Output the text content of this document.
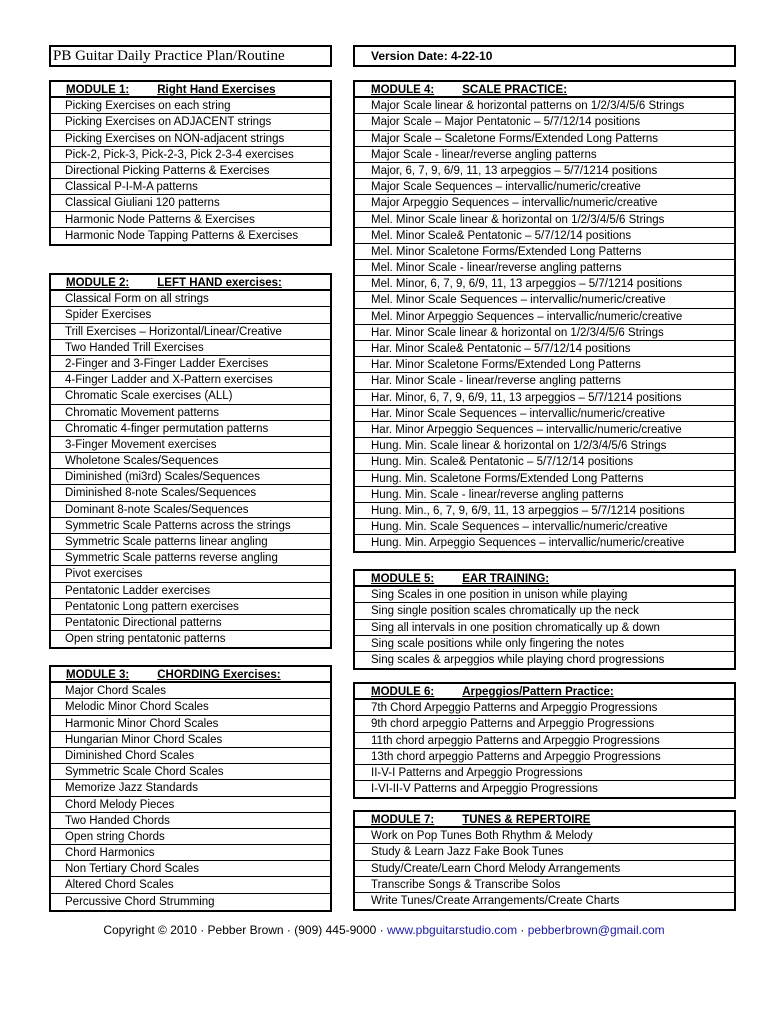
PB Guitar Daily Practice Plan/Routine	Version Date: 4-22-10
MODULE 1: Right Hand Exercises
Picking Exercises on each string
Picking Exercises on ADJACENT strings
Picking Exercises on NON-adjacent strings
Pick-2, Pick-3, Pick-2-3, Pick 2-3-4 exercises
Directional Picking Patterns & Exercises
Classical P-I-M-A patterns
Classical Giuliani 120 patterns
Harmonic Node Patterns & Exercises
Harmonic Node Tapping Patterns & Exercises
MODULE 2: LEFT HAND exercises:
Classical Form on all strings
Spider Exercises
Trill Exercises – Horizontal/Linear/Creative
Two Handed Trill Exercises
2-Finger and 3-Finger Ladder Exercises
4-Finger Ladder and X-Pattern exercises
Chromatic Scale exercises (ALL)
Chromatic Movement patterns
Chromatic 4-finger permutation patterns
3-Finger Movement exercises
Wholetone Scales/Sequences
Diminished (mi3rd) Scales/Sequences
Diminished 8-note Scales/Sequences
Dominant 8-note Scales/Sequences
Symmetric Scale Patterns across the strings
Symmetric Scale patterns linear angling
Symmetric Scale patterns reverse angling
Pivot exercises
Pentatonic Ladder exercises
Pentatonic Long pattern exercises
Pentatonic Directional patterns
Open string pentatonic patterns
MODULE 3: CHORDING Exercises:
Major Chord Scales
Melodic Minor Chord Scales
Harmonic Minor Chord Scales
Hungarian Minor Chord Scales
Diminished Chord Scales
Symmetric Scale Chord Scales
Memorize Jazz Standards
Chord Melody Pieces
Two Handed Chords
Open string Chords
Chord Harmonics
Non Tertiary Chord Scales
Altered Chord Scales
Percussive Chord Strumming
MODULE 4: SCALE PRACTICE:
Major Scale linear & horizontal patterns on 1/2/3/4/5/6 Strings
Major Scale – Major Pentatonic – 5/7/12/14 positions
Major Scale – Scaletone Forms/Extended Long Patterns
Major Scale - linear/reverse angling patterns
Major, 6, 7, 9, 6/9, 11, 13 arpeggios – 5/7/1214 positions
Major Scale Sequences – intervallic/numeric/creative
Major Arpeggio Sequences – intervallic/numeric/creative
Mel. Minor Scale linear & horizontal on 1/2/3/4/5/6 Strings
Mel. Minor Scale& Pentatonic – 5/7/12/14 positions
Mel. Minor Scaletone Forms/Extended Long Patterns
Mel. Minor Scale - linear/reverse angling patterns
Mel. Minor, 6, 7, 9, 6/9, 11, 13 arpeggios – 5/7/1214 positions
Mel. Minor Scale Sequences – intervallic/numeric/creative
Mel. Minor Arpeggio Sequences – intervallic/numeric/creative
Har. Minor Scale linear & horizontal on 1/2/3/4/5/6 Strings
Har. Minor Scale& Pentatonic – 5/7/12/14 positions
Har. Minor Scaletone Forms/Extended Long Patterns
Har. Minor Scale - linear/reverse angling patterns
Har. Minor, 6, 7, 9, 6/9, 11, 13 arpeggios – 5/7/1214 positions
Har. Minor Scale Sequences – intervallic/numeric/creative
Har. Minor Arpeggio Sequences – intervallic/numeric/creative
Hung. Min. Scale linear & horizontal on 1/2/3/4/5/6 Strings
Hung. Min. Scale& Pentatonic – 5/7/12/14 positions
Hung. Min. Scaletone Forms/Extended Long Patterns
Hung. Min. Scale - linear/reverse angling patterns
Hung. Min., 6, 7, 9, 6/9, 11, 13 arpeggios – 5/7/1214 positions
Hung. Min. Scale Sequences – intervallic/numeric/creative
Hung. Min. Arpeggio Sequences – intervallic/numeric/creative
MODULE 5: EAR TRAINING:
Sing Scales in one position in unison while playing
Sing single position scales chromatically up the neck
Sing all intervals in one position chromatically up & down
Sing scale positions while only fingering the notes
Sing scales & arpeggios while playing chord progressions
MODULE 6: Arpeggios/Pattern Practice:
7th Chord Arpeggio Patterns and Arpeggio Progressions
9th chord arpeggio Patterns and Arpeggio Progressions
11th chord arpeggio Patterns and Arpeggio Progressions
13th chord arpeggio Patterns and Arpeggio Progressions
II-V-I Patterns and Arpeggio Progressions
I-VI-II-V Patterns and Arpeggio Progressions
MODULE 7: TUNES & REPERTOIRE
Work on Pop Tunes Both Rhythm & Melody
Study & Learn Jazz Fake Book Tunes
Study/Create/Learn Chord Melody Arrangements
Transcribe Songs & Transcribe Solos
Write Tunes/Create Arrangements/Create Charts
Copyright © 2010 · Pebber Brown · (909) 445-9000 · www.pbguitarstudio.com · pebberbrown@gmail.com
